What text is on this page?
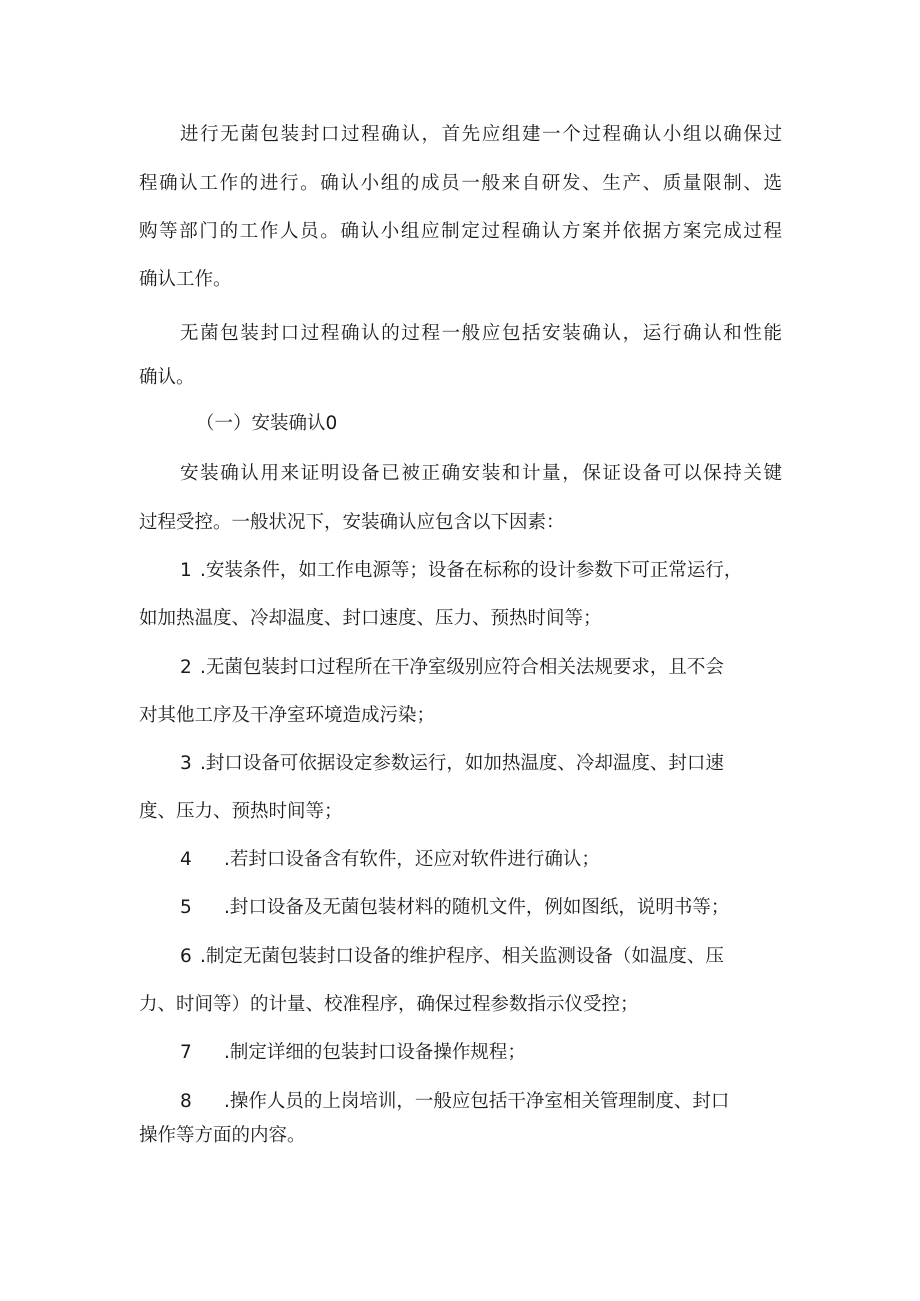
进行无菌包装封口过程确认，首先应组建一个过程确认小组以确保过
程确认工作的进行。确认小组的成员一般来自研发、生产、质量限制、选
购等部门的工作人员。确认小组应制定过程确认方案并依据方案完成过程
确认工作。
无菌包装封口过程确认的过程一般应包括安装确认，运行确认和性能
确认。
（一）安装确认0
安装确认用来证明设备已被正确安装和计量，保证设备可以保持关键
过程受控。一般状况下，安装确认应包含以下因素：
1 .安装条件，如工作电源等；设备在标称的设计参数下可正常运行，
如加热温度、冷却温度、封口速度、压力、预热时间等；
2 .无菌包装封口过程所在干净室级别应符合相关法规要求，且不会
对其他工序及干净室环境造成污染；
3 .封口设备可依据设定参数运行，如加热温度、冷却温度、封口速
度、压力、预热时间等；
4 .若封口设备含有软件，还应对软件进行确认；
5 .封口设备及无菌包装材料的随机文件，例如图纸，说明书等；
6 .制定无菌包装封口设备的维护程序、相关监测设备（如温度、压
力、时间等）的计量、校准程序，确保过程参数指示仪受控；
7 .制定详细的包装封口设备操作规程；
8 .操作人员的上岗培训，一般应包括干净室相关管理制度、封口
操作等方面的内容。
